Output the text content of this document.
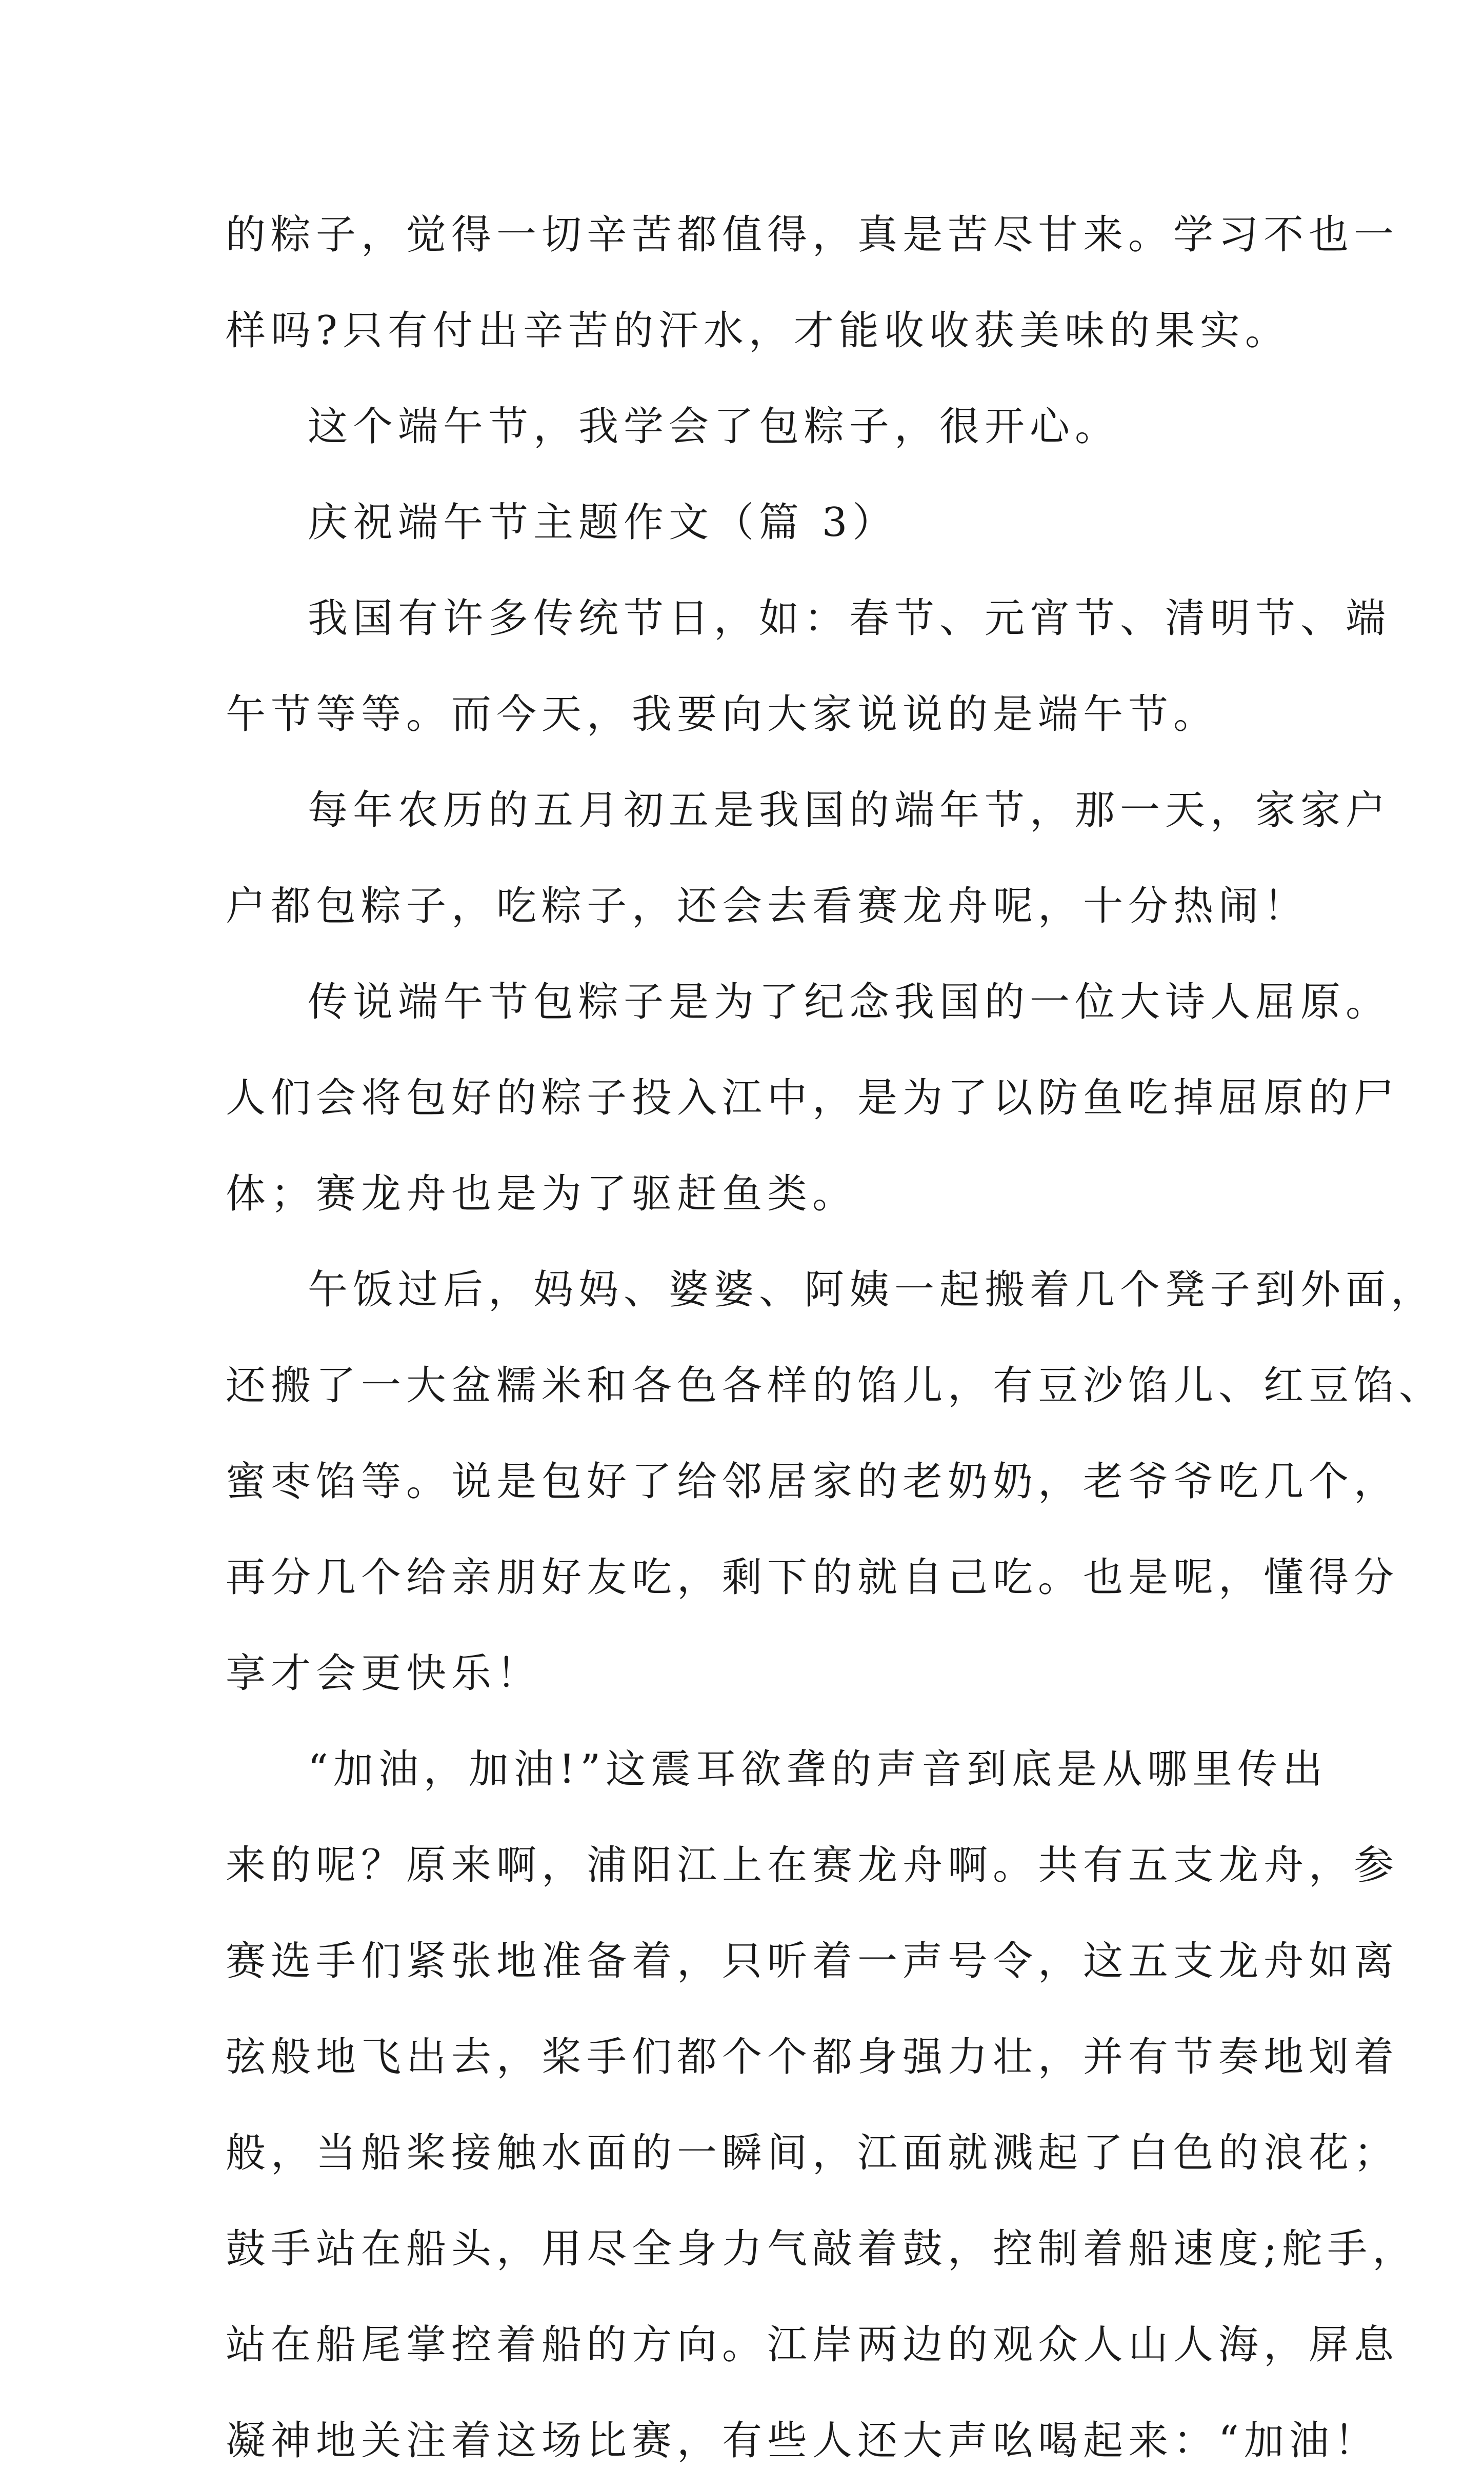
的粽子，觉得一切辛苦都值得，真是苦尽甘来。学习不也一
样吗?只有付出辛苦的汗水，才能收收获美味的果实。
这个端午节，我学会了包粽子，很开心。
庆祝端午节主题作文（篇 3）
我国有许多传统节日，如：春节、元宵节、清明节、端
午节等等。而今天，我要向大家说说的是端午节。
每年农历的五月初五是我国的端年节，那一天，家家户
户都包粽子，吃粽子，还会去看赛龙舟呢，十分热闹！
传说端午节包粽子是为了纪念我国的一位大诗人屈原。
人们会将包好的粽子投入江中，是为了以防鱼吃掉屈原的尸
体；赛龙舟也是为了驱赶鱼类。
午饭过后，妈妈、婆婆、阿姨一起搬着几个凳子到外面，
还搬了一大盆糯米和各色各样的馅儿，有豆沙馅儿、红豆馅、
蜜枣馅等。说是包好了给邻居家的老奶奶，老爷爷吃几个，
再分几个给亲朋好友吃，剩下的就自己吃。也是呢，懂得分
享才会更快乐！
“加油，加油!”这震耳欲聋的声音到底是从哪里传出
来的呢？原来啊，浦阳江上在赛龙舟啊。共有五支龙舟，参
赛选手们紧张地准备着，只听着一声号令，这五支龙舟如离
弦般地飞出去，桨手们都个个都身强力壮，并有节奏地划着
般，当船桨接触水面的一瞬间，江面就溅起了白色的浪花；
鼓手站在船头，用尽全身力气敲着鼓，控制着船速度;舵手，
站在船尾掌控着船的方向。江岸两边的观众人山人海，屏息
凝神地关注着这场比赛，有些人还大声吆喝起来：“加油！
